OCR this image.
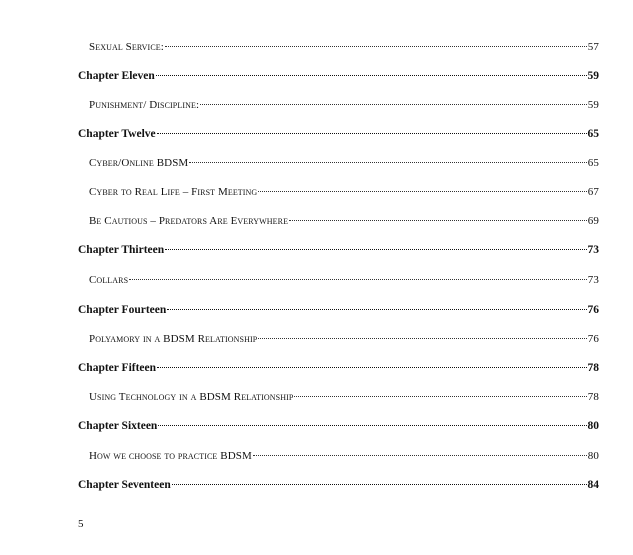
Sexual Service:	57
Chapter Eleven	59
Punishment/ Discipline:	59
Chapter Twelve	65
Cyber/Online BDSM	65
Cyber to Real Life – First Meeting	67
Be Cautious – Predators Are Everywhere	69
Chapter Thirteen	73
Collars	73
Chapter Fourteen	76
Polyamory in a BDSM Relationship	76
Chapter Fifteen	78
Using Technology in a BDSM Relationship	78
Chapter Sixteen	80
How we choose to practice BDSM	80
Chapter Seventeen	84
5
